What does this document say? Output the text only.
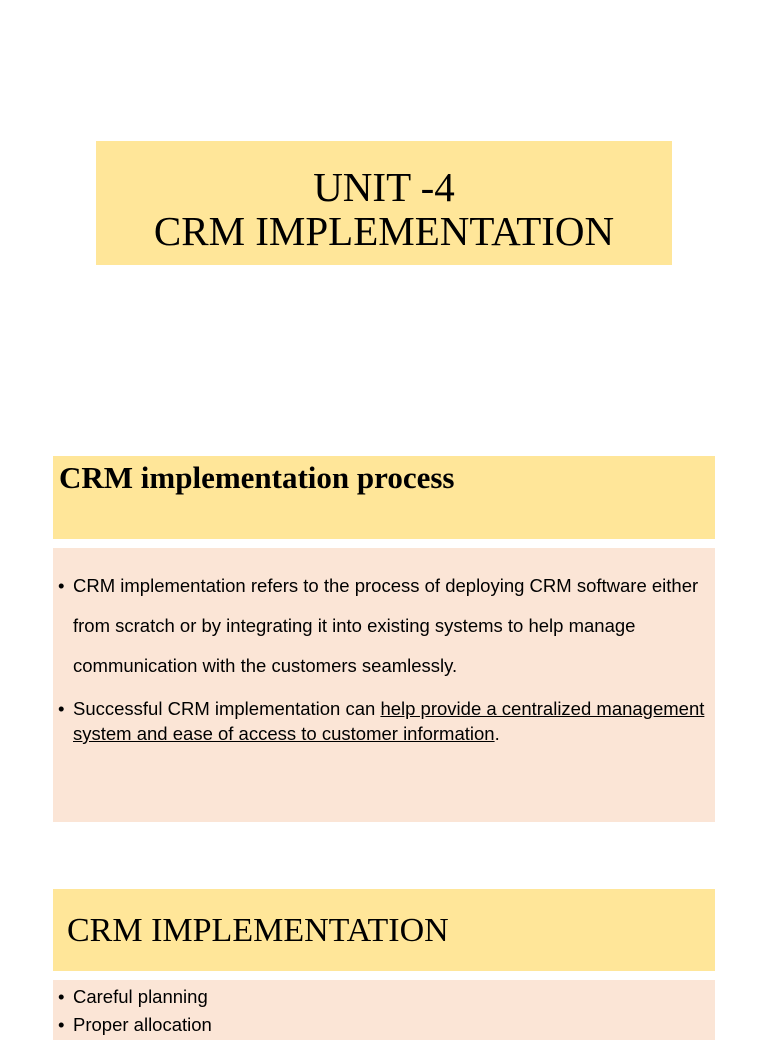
UNIT -4
CRM IMPLEMENTATION
CRM implementation process
• CRM implementation refers to the process of deploying CRM software either from scratch or by integrating it into existing systems to help manage communication with the customers seamlessly.
• Successful CRM implementation can help provide a centralized management system and ease of access to customer information.
CRM IMPLEMENTATION
• Careful planning
• Proper allocation
